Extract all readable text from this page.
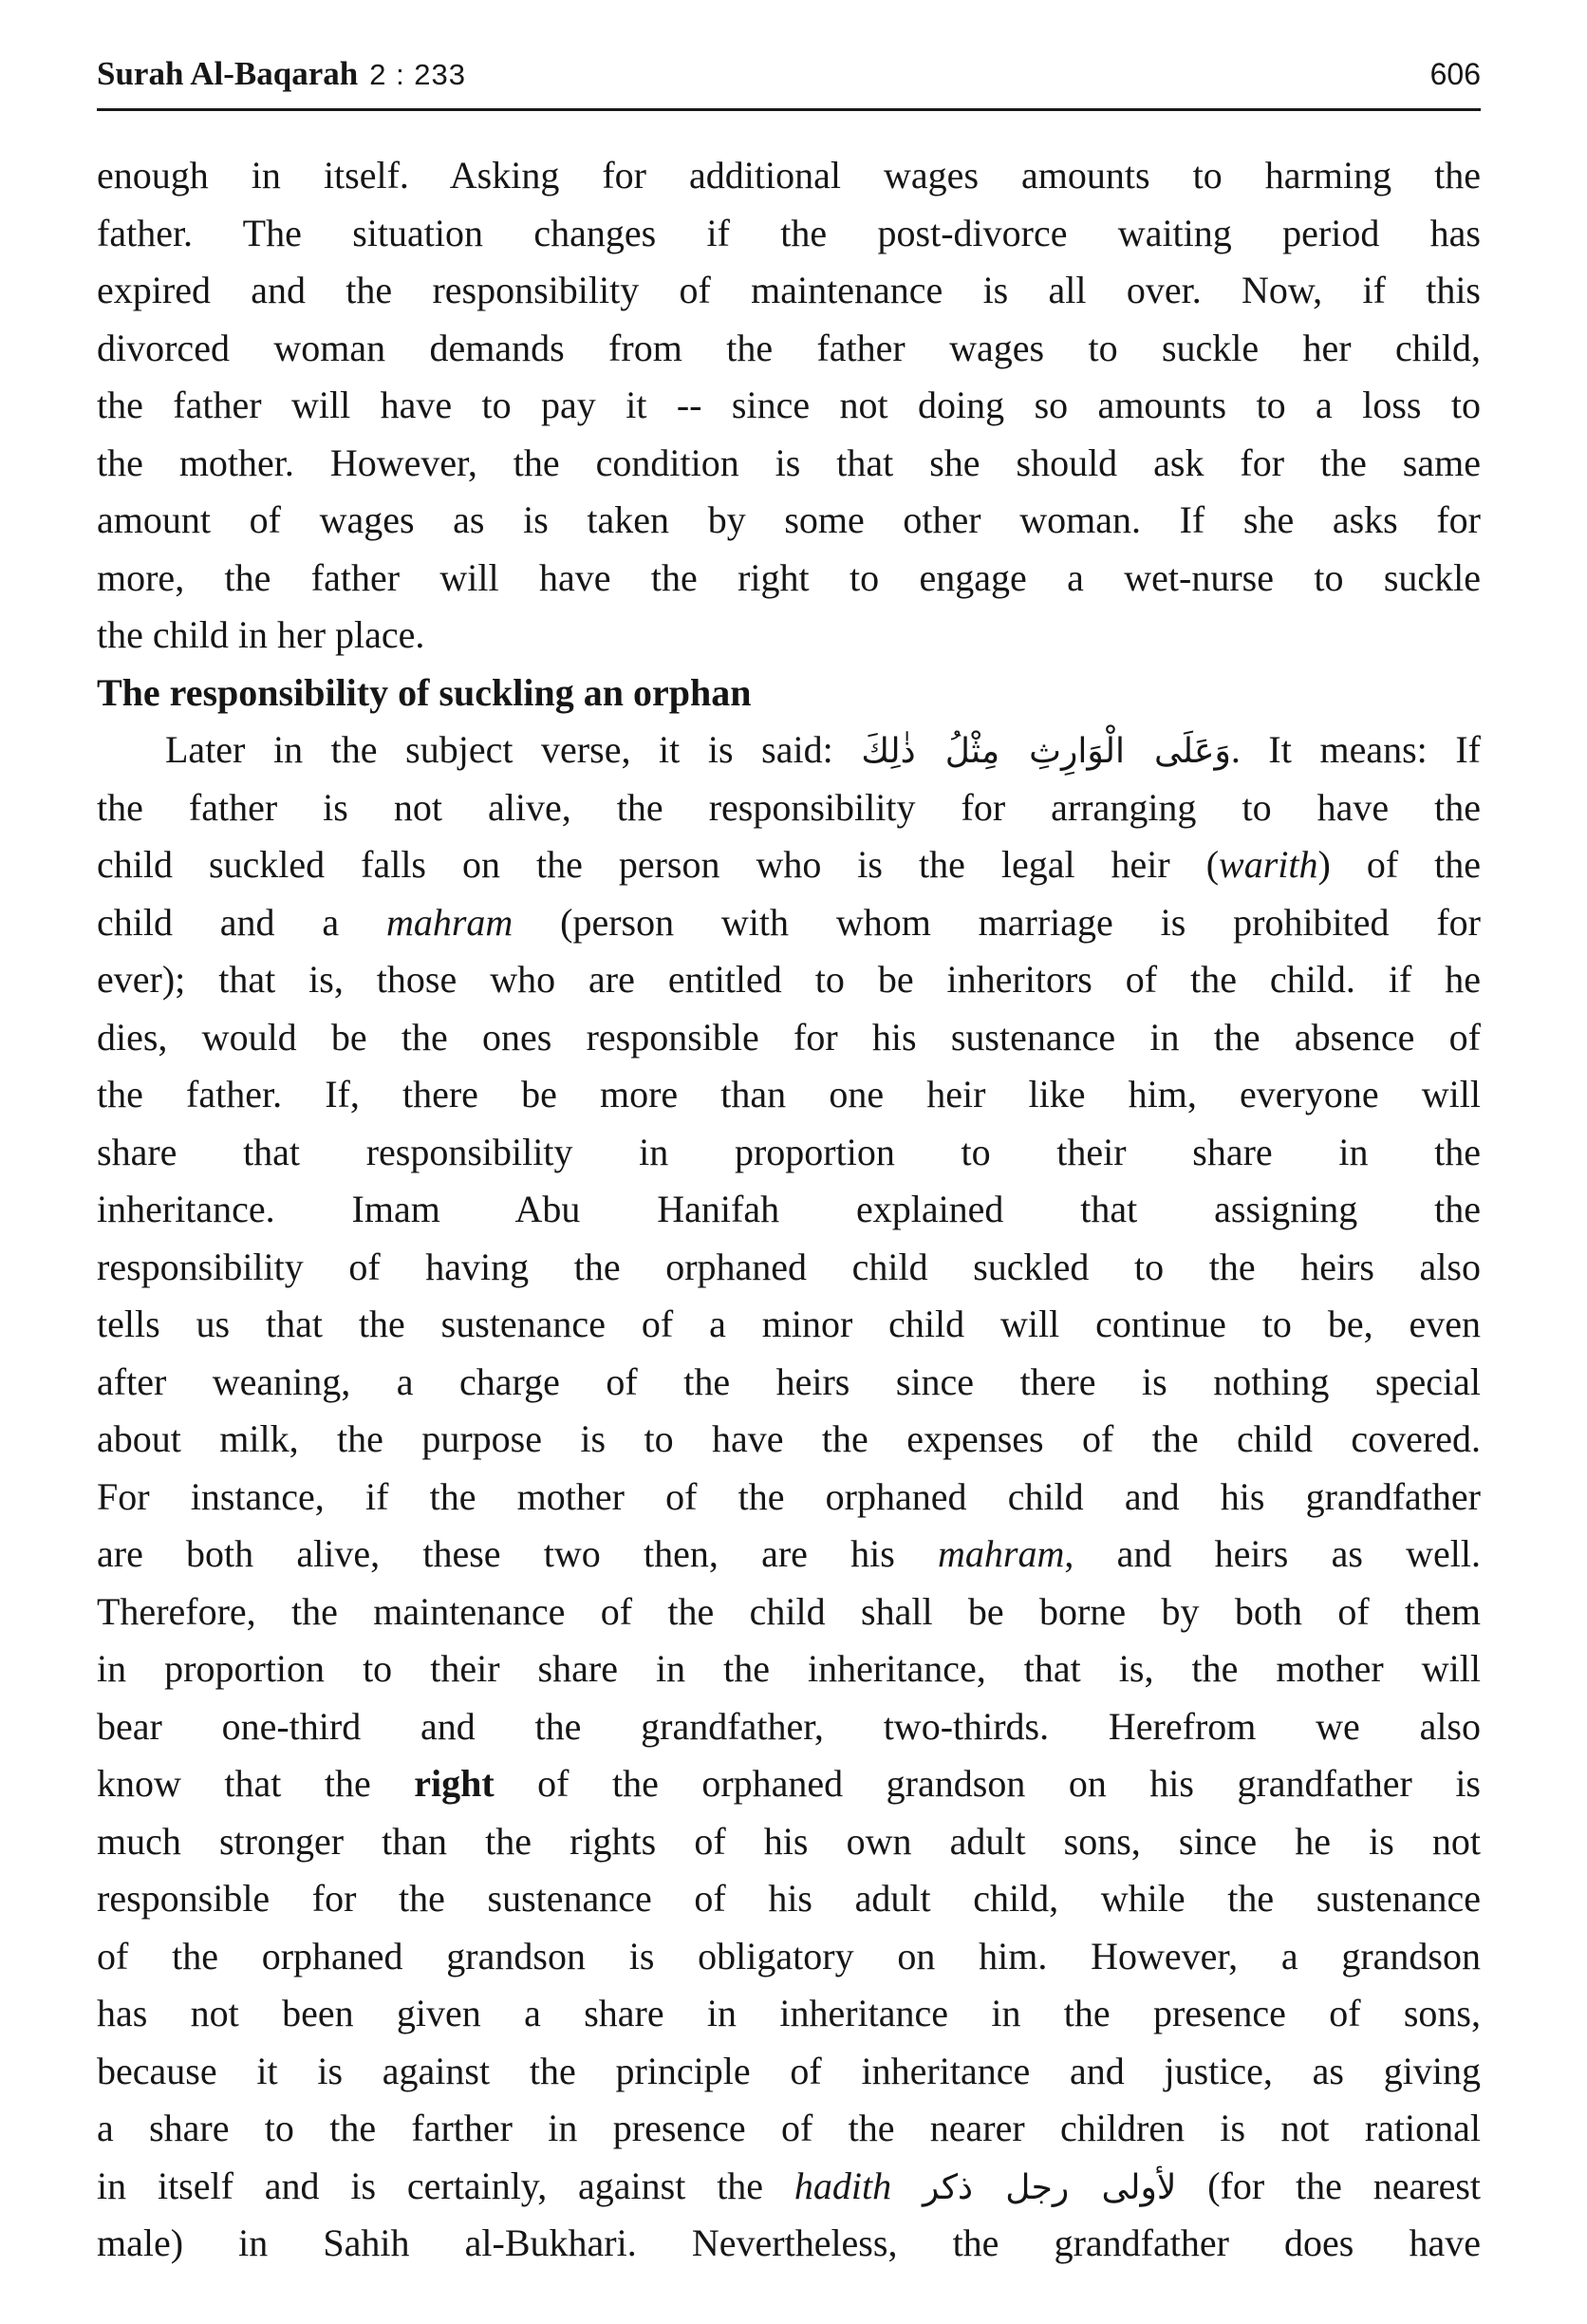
Surah Al-Baqarah 2 : 233	606
enough in itself. Asking for additional wages amounts to harming the
father. The situation changes if the post-divorce waiting period has
expired and the responsibility of maintenance is all over. Now, if this
divorced woman demands from the father wages to suckle her child,
the father will have to pay it -- since not doing so amounts to a loss to
the mother. However, the condition is that she should ask for the same
amount of wages as is taken by some other woman. If she asks for
more, the father will have the right to engage a wet-nurse to suckle
the child in her place.
The responsibility of suckling an orphan
Later in the subject verse, it is said: وَعَلَى الْوَارِثِ مِثْلُ ذٰلِكَ. It means: If
the father is not alive, the responsibility for arranging to have the
child suckled falls on the person who is the legal heir (warith) of the
child and a mahram (person with whom marriage is prohibited for
ever); that is, those who are entitled to be inheritors of the child. if he
dies, would be the ones responsible for his sustenance in the absence of
the father. If, there be more than one heir like him, everyone will
share that responsibility in proportion to their share in the
inheritance. Imam Abu Hanifah explained that assigning the
responsibility of having the orphaned child suckled to the heirs also
tells us that the sustenance of a minor child will continue to be, even
after weaning, a charge of the heirs since there is nothing special
about milk, the purpose is to have the expenses of the child covered.
For instance, if the mother of the orphaned child and his grandfather
are both alive, these two then, are his mahram, and heirs as well.
Therefore, the maintenance of the child shall be borne by both of them
in proportion to their share in the inheritance, that is, the mother will
bear one-third and the grandfather, two-thirds. Herefrom we also
know that the right of the orphaned grandson on his grandfather is
much stronger than the rights of his own adult sons, since he is not
responsible for the sustenance of his adult child, while the sustenance
of the orphaned grandson is obligatory on him. However, a grandson
has not been given a share in inheritance in the presence of sons,
because it is against the principle of inheritance and justice, as giving
a share to the farther in presence of the nearer children is not rational
in itself and is certainly, against the hadith لأولى رجل ذكر (for the nearest
male) in Sahih al-Bukhari. Nevertheless, the grandfather does have
